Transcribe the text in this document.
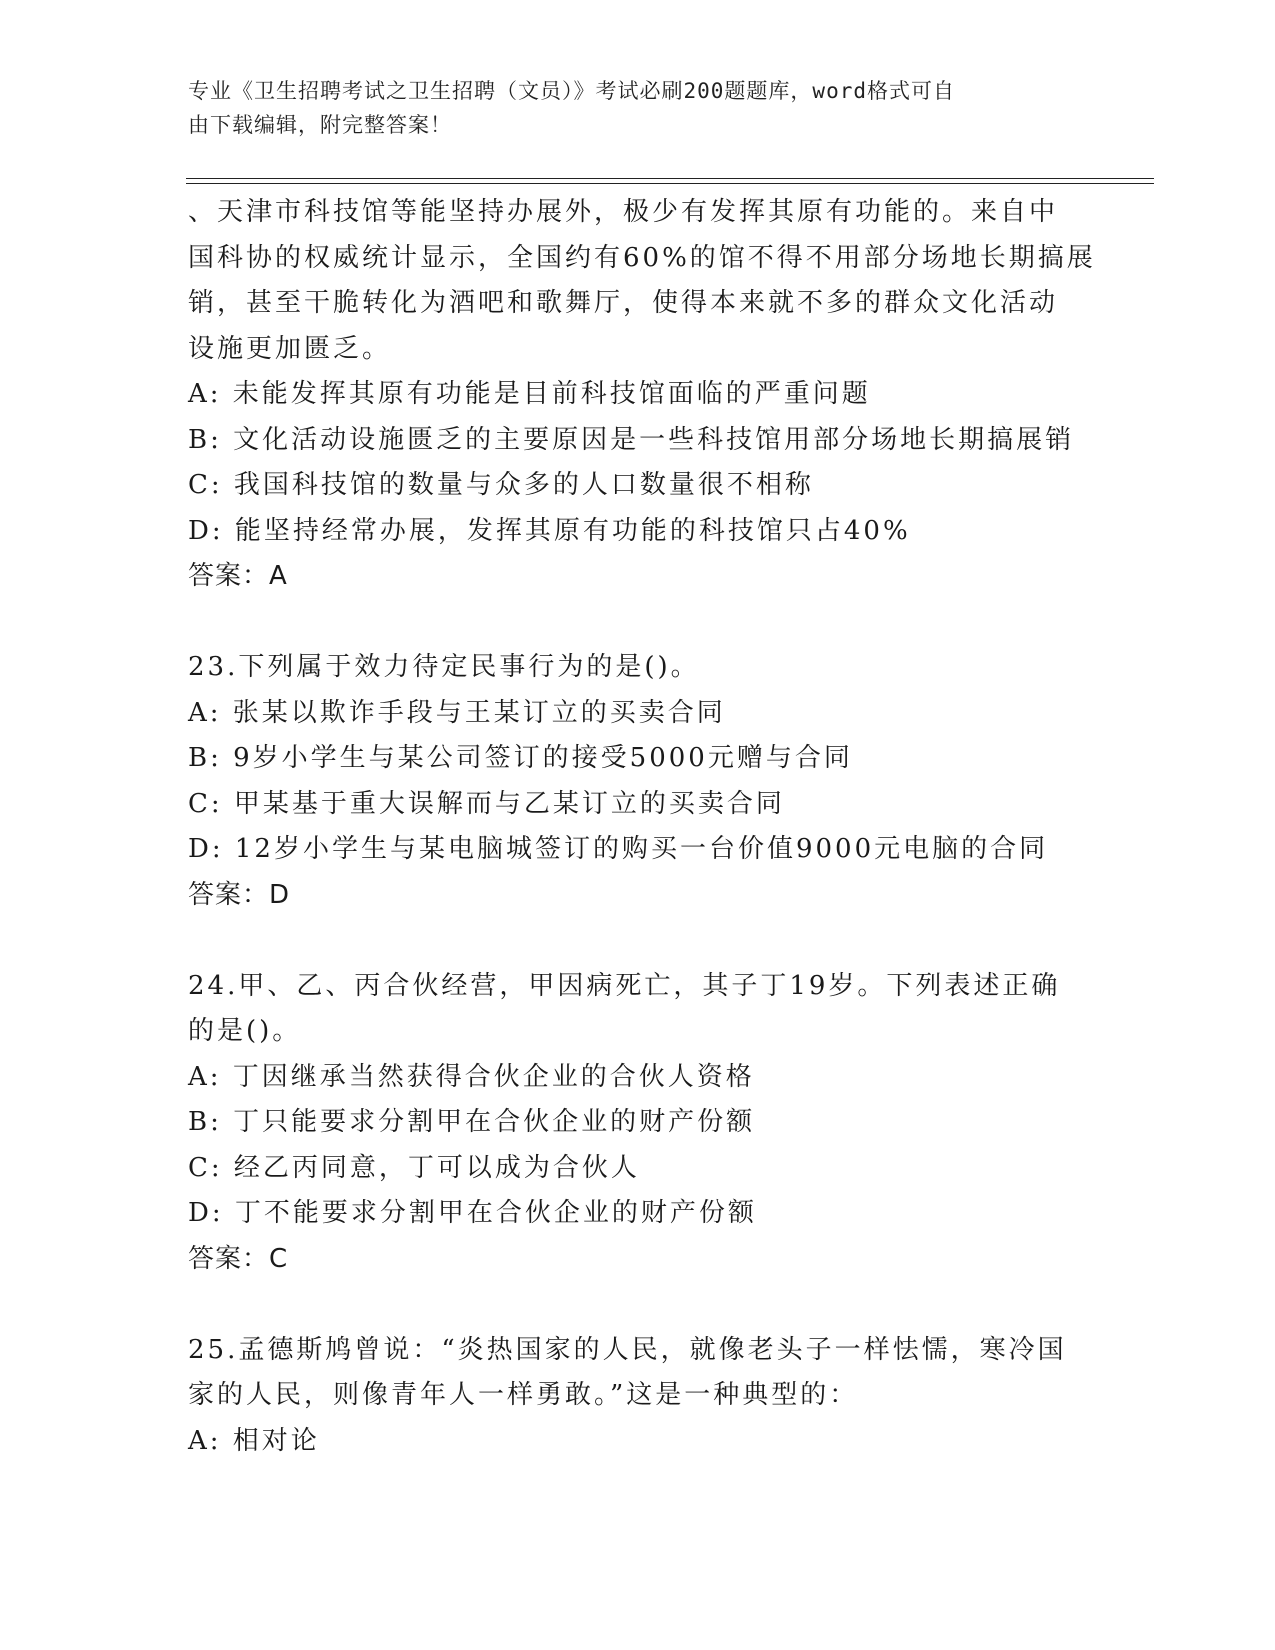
专业《卫生招聘考试之卫生招聘（文员）》考试必刷200题题库，word格式可自
由下载编辑，附完整答案！
、天津市科技馆等能坚持办展外，极少有发挥其原有功能的。来自中
国科协的权威统计显示，全国约有60%的馆不得不用部分场地长期搞展
销，甚至干脆转化为酒吧和歌舞厅，使得本来就不多的群众文化活动
设施更加匮乏。
A: 未能发挥其原有功能是目前科技馆面临的严重问题
B: 文化活动设施匮乏的主要原因是一些科技馆用部分场地长期搞展销
C: 我国科技馆的数量与众多的人口数量很不相称
D: 能坚持经常办展，发挥其原有功能的科技馆只占40%
答案：A
23.下列属于效力待定民事行为的是()。
A: 张某以欺诈手段与王某订立的买卖合同
B: 9岁小学生与某公司签订的接受5000元赠与合同
C: 甲某基于重大误解而与乙某订立的买卖合同
D: 12岁小学生与某电脑城签订的购买一台价值9000元电脑的合同
答案：D
24.甲、乙、丙合伙经营，甲因病死亡，其子丁19岁。下列表述正确
的是()。
A: 丁因继承当然获得合伙企业的合伙人资格
B: 丁只能要求分割甲在合伙企业的财产份额
C: 经乙丙同意，丁可以成为合伙人
D: 丁不能要求分割甲在合伙企业的财产份额
答案：C
25.孟德斯鸠曾说：“炎热国家的人民，就像老头子一样怯懦，寒冷国
家的人民，则像青年人一样勇敢。”这是一种典型的：
A: 相对论
